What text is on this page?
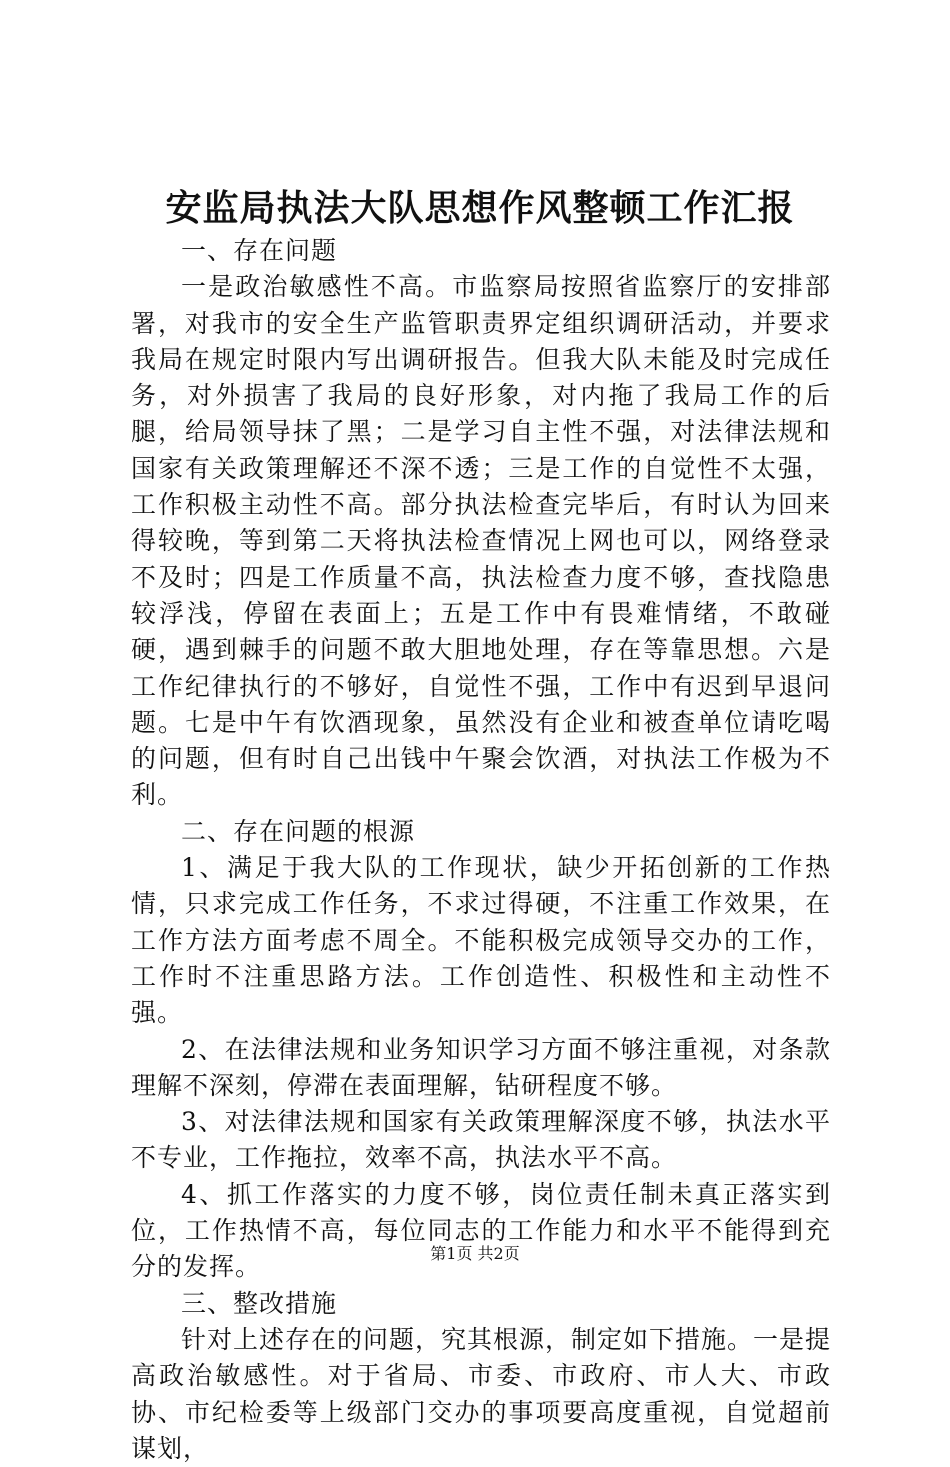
安监局执法大队思想作风整顿工作汇报

一、存在问题

一是政治敏感性不高。市监察局按照省监察厅的安排部署，对我市的安全生产监管职责界定组织调研活动，并要求我局在规定时限内写出调研报告。但我大队未能及时完成任务，对外损害了我局的良好形象，对内拖了我局工作的后腿，给局领导抹了黑；二是学习自主性不强，对法律法规和国家有关政策理解还不深不透；三是工作的自觉性不太强，工作积极主动性不高。部分执法检查完毕后，有时认为回来得较晚，等到第二天将执法检查情况上网也可以，网络登录不及时；四是工作质量不高，执法检查力度不够，查找隐患较浮浅，停留在表面上；五是工作中有畏难情绪，不敢碰硬，遇到棘手的问题不敢大胆地处理，存在等靠思想。六是工作纪律执行的不够好，自觉性不强，工作中有迟到早退问题。七是中午有饮酒现象，虽然没有企业和被查单位请吃喝的问题，但有时自己出钱中午聚会饮酒，对执法工作极为不利。

二、存在问题的根源

1、满足于我大队的工作现状，缺少开拓创新的工作热情，只求完成工作任务，不求过得硬，不注重工作效果，在工作方法方面考虑不周全。不能积极完成领导交办的工作，工作时不注重思路方法。工作创造性、积极性和主动性不强。

2、在法律法规和业务知识学习方面不够注重视，对条款理解不深刻，停滞在表面理解，钻研程度不够。

3、对法律法规和国家有关政策理解深度不够，执法水平不专业，工作拖拉，效率不高，执法水平不高。

4、抓工作落实的力度不够，岗位责任制未真正落实到位，工作热情不高，每位同志的工作能力和水平不能得到充分的发挥。

三、整改措施

针对上述存在的问题，究其根源，制定如下措施。一是提高政治敏感性。对于省局、市委、市政府、市人大、市政协、市纪检委等上级部门交办的事项要高度重视，自觉超前谋划，

第1页 共2页
